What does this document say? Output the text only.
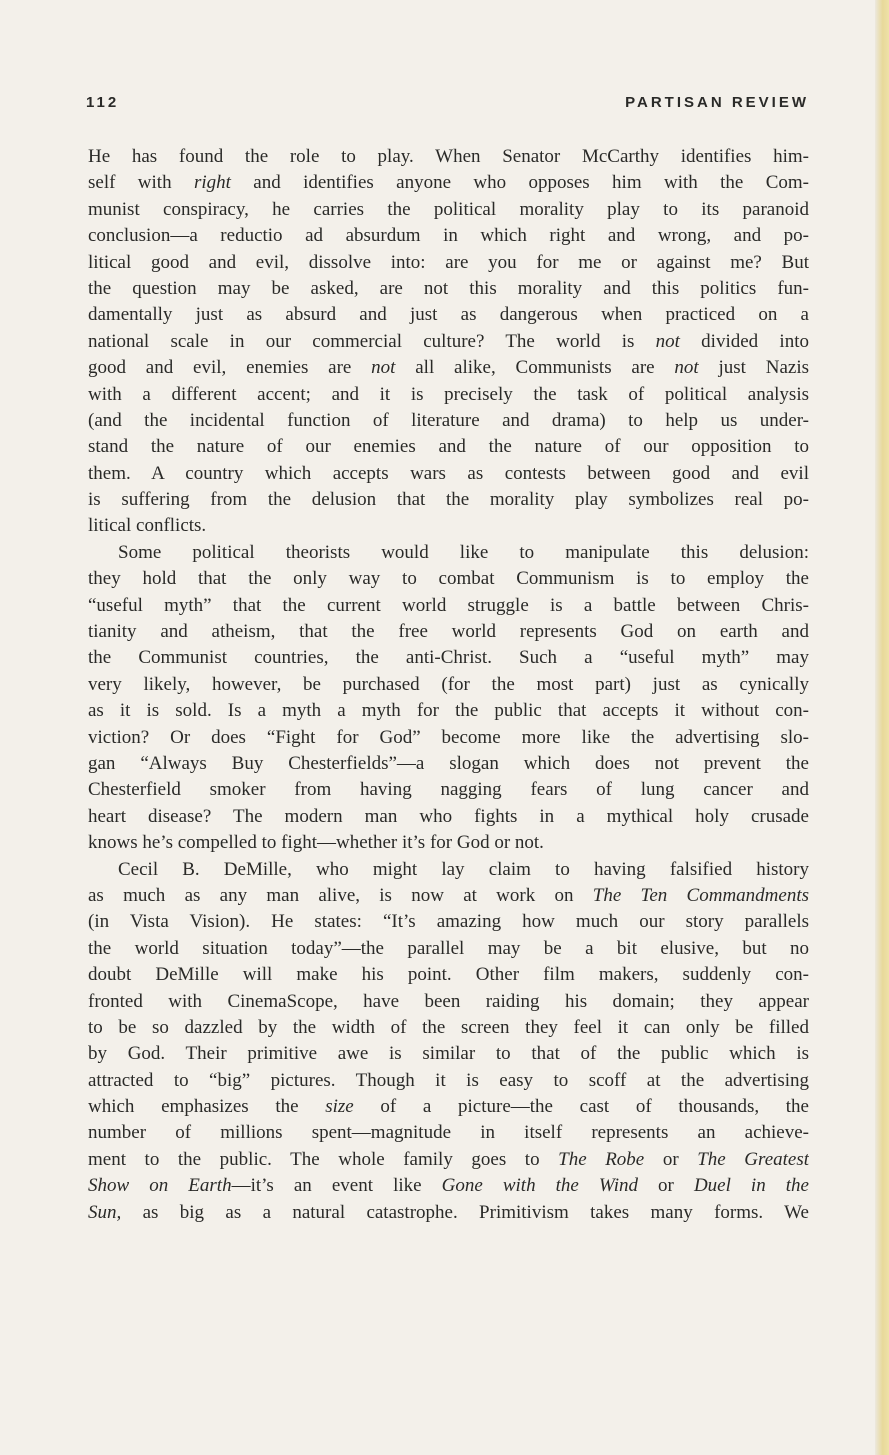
112	PARTISAN REVIEW
He has found the role to play. When Senator McCarthy identifies him-
self with right and identifies anyone who opposes him with the Com-
munist conspiracy, he carries the political morality play to its paranoid
conclusion—a reductio ad absurdum in which right and wrong, and po-
litical good and evil, dissolve into: are you for me or against me? But
the question may be asked, are not this morality and this politics fun-
damentally just as absurd and just as dangerous when practiced on a
national scale in our commercial culture? The world is not divided into
good and evil, enemies are not all alike, Communists are not just Nazis
with a different accent; and it is precisely the task of political analysis
(and the incidental function of literature and drama) to help us under-
stand the nature of our enemies and the nature of our opposition to
them. A country which accepts wars as contests between good and evil
is suffering from the delusion that the morality play symbolizes real po-
litical conflicts.
Some political theorists would like to manipulate this delusion:
they hold that the only way to combat Communism is to employ the
“useful myth” that the current world struggle is a battle between Chris-
tianity and atheism, that the free world represents God on earth and
the Communist countries, the anti-Christ. Such a “useful myth” may
very likely, however, be purchased (for the most part) just as cynically
as it is sold. Is a myth a myth for the public that accepts it without con-
viction? Or does “Fight for God” become more like the advertising slo-
gan “Always Buy Chesterfields”—a slogan which does not prevent the
Chesterfield smoker from having nagging fears of lung cancer and
heart disease? The modern man who fights in a mythical holy crusade
knows he’s compelled to fight—whether it’s for God or not.
Cecil B. DeMille, who might lay claim to having falsified history
as much as any man alive, is now at work on The Ten Commandments
(in Vista Vision). He states: “It’s amazing how much our story parallels
the world situation today”—the parallel may be a bit elusive, but no
doubt DeMille will make his point. Other film makers, suddenly con-
fronted with CinemaScope, have been raiding his domain; they appear
to be so dazzled by the width of the screen they feel it can only be filled
by God. Their primitive awe is similar to that of the public which is
attracted to “big” pictures. Though it is easy to scoff at the advertising
which emphasizes the size of a picture—the cast of thousands, the
number of millions spent—magnitude in itself represents an achieve-
ment to the public. The whole family goes to The Robe or The Greatest
Show on Earth—it’s an event like Gone with the Wind or Duel in the
Sun, as big as a natural catastrophe. Primitivism takes many forms. We
